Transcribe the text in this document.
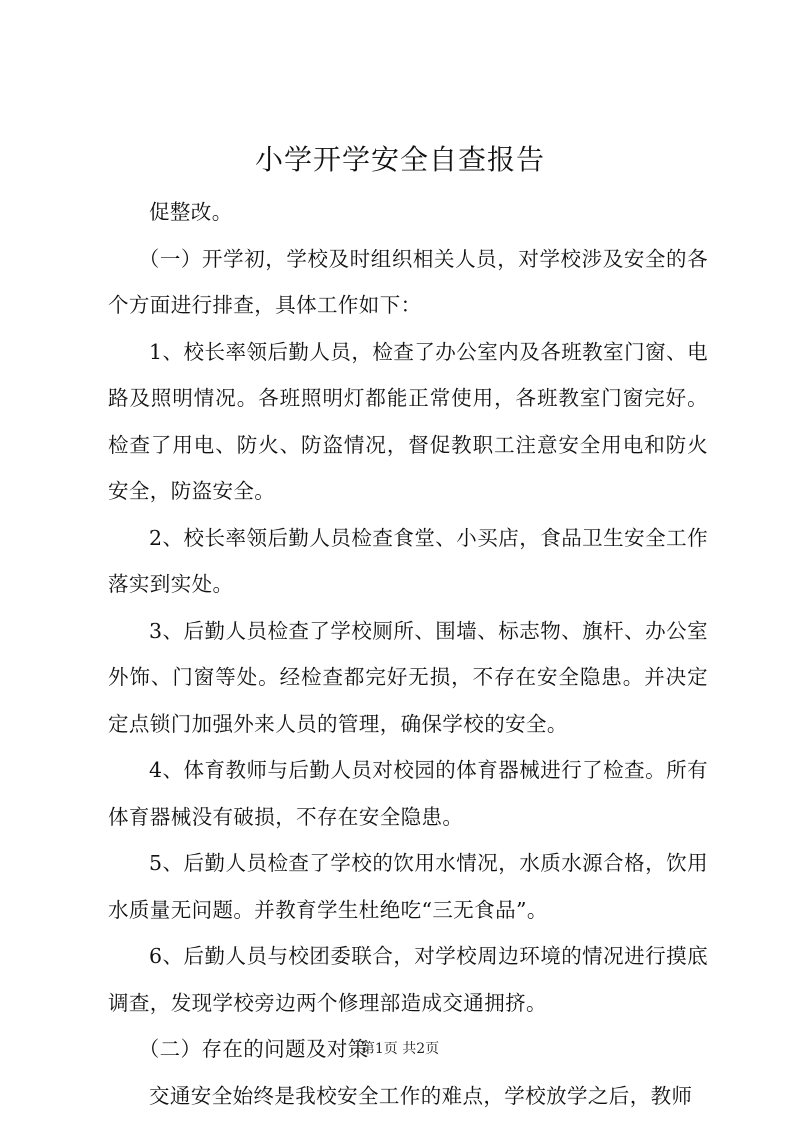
小学开学安全自查报告

促整改。

（一）开学初，学校及时组织相关人员，对学校涉及安全的各个方面进行排查，具体工作如下：

1、校长率领后勤人员，检查了办公室内及各班教室门窗、电路及照明情况。各班照明灯都能正常使用，各班教室门窗完好。检查了用电、防火、防盗情况，督促教职工注意安全用电和防火安全，防盗安全。

2、校长率领后勤人员检查食堂、小买店，食品卫生安全工作落实到实处。

3、后勤人员检查了学校厕所、围墙、标志物、旗杆、办公室外饰、门窗等处。经检查都完好无损，不存在安全隐患。并决定定点锁门加强外来人员的管理，确保学校的安全。

4、体育教师与后勤人员对校园的体育器械进行了检查。所有体育器械没有破损，不存在安全隐患。

5、后勤人员检查了学校的饮用水情况，水质水源合格，饮用水质量无问题。并教育学生杜绝吃“三无食品”。

6、后勤人员与校团委联合，对学校周边环境的情况进行摸底调查，发现学校旁边两个修理部造成交通拥挤。

（二）存在的问题及对策

交通安全始终是我校安全工作的难点，学校放学之后，教师

第1页 共2页
